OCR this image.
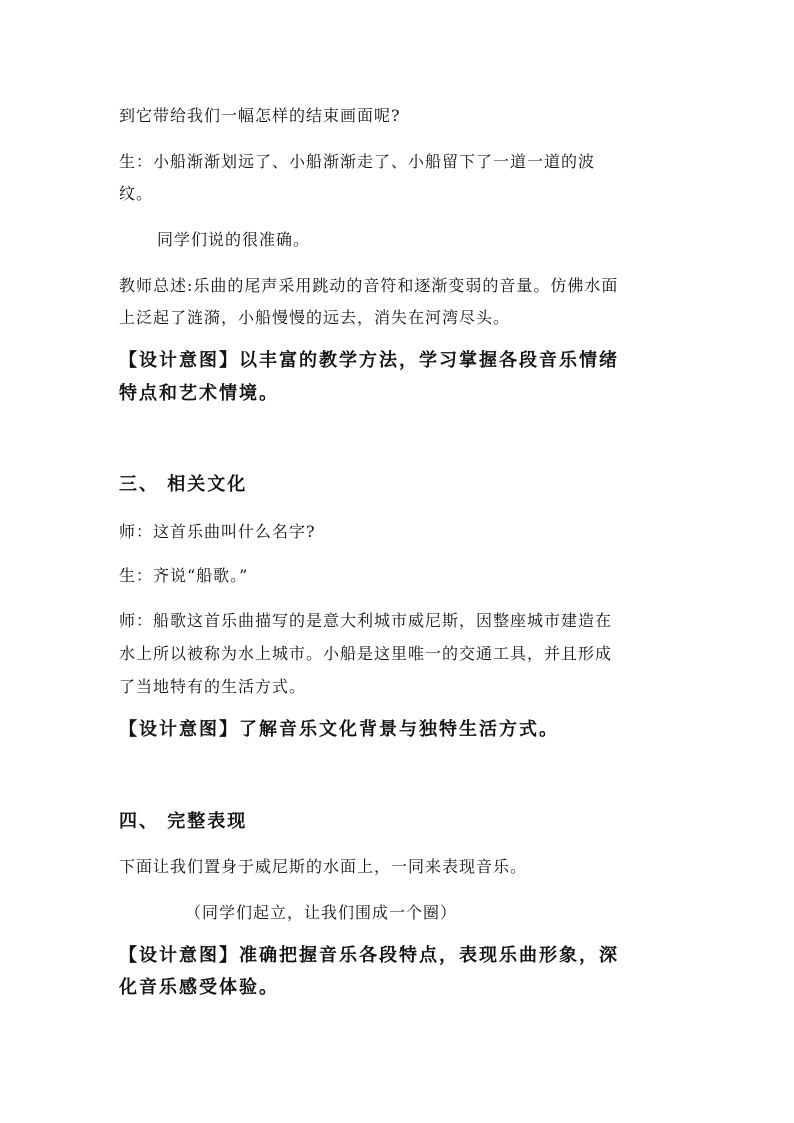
到它带给我们一幅怎样的结束画面呢?
生：小船渐渐划远了、小船渐渐走了、小船留下了一道一道的波
纹。
同学们说的很准确。
教师总述:乐曲的尾声采用跳动的音符和逐渐变弱的音量。仿佛水面
上泛起了涟漪，小船慢慢的远去，消失在河湾尽头。
【设计意图】以丰富的教学方法，学习掌握各段音乐情绪
特点和艺术情境。
三、 相关文化
师：这首乐曲叫什么名字?
生：齐说“船歌。”
师：船歌这首乐曲描写的是意大利城市威尼斯，因整座城市建造在
水上所以被称为水上城市。小船是这里唯一的交通工具，并且形成
了当地特有的生活方式。
【设计意图】了解音乐文化背景与独特生活方式。
四、 完整表现
下面让我们置身于威尼斯的水面上，一同来表现音乐。
（同学们起立，让我们围成一个圈）
【设计意图】准确把握音乐各段特点，表现乐曲形象，深
化音乐感受体验。
